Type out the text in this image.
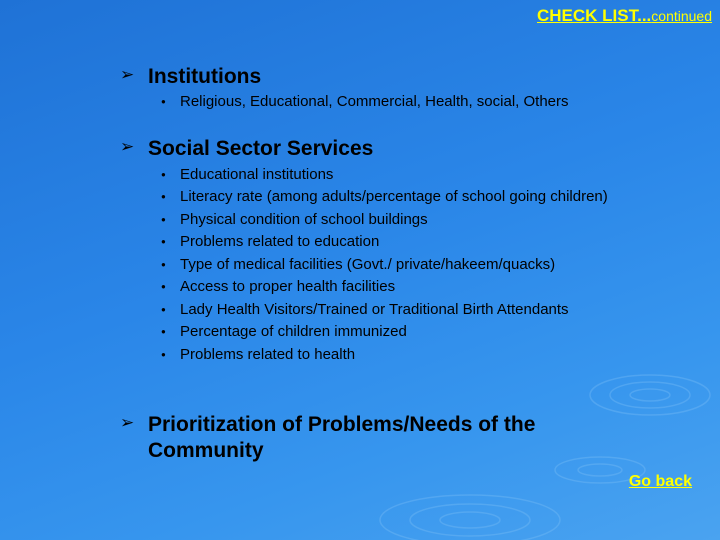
CHECK LIST...continued
➢ Institutions
● Religious, Educational, Commercial, Health, social, Others
➢ Social Sector Services
● Educational institutions
● Literacy rate (among adults/percentage of school going children)
● Physical condition of school buildings
● Problems related to education
● Type of medical facilities (Govt./ private/hakeem/quacks)
● Access to proper health facilities
● Lady Health Visitors/Trained or Traditional Birth Attendants
● Percentage of children immunized
● Problems related to health
➢ Prioritization of Problems/Needs of the Community
Go back
